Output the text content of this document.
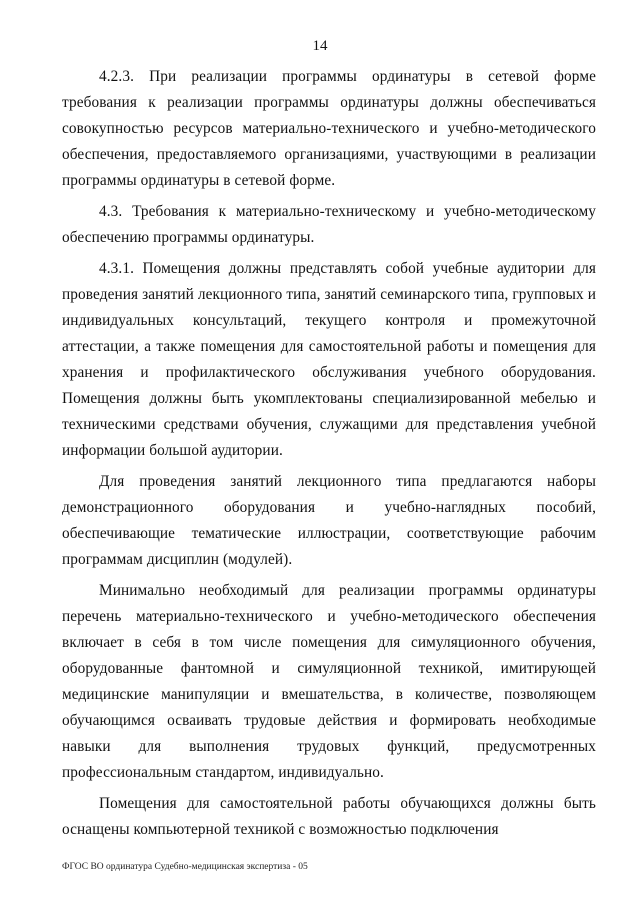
14

4.2.3. При реализации программы ординатуры в сетевой форме требования к реализации программы ординатуры должны обеспечиваться совокупностью ресурсов материально-технического и учебно-методического обеспечения, предоставляемого организациями, участвующими в реализации программы ординатуры в сетевой форме.

4.3. Требования к материально-техническому и учебно-методическому обеспечению программы ординатуры.

4.3.1. Помещения должны представлять собой учебные аудитории для проведения занятий лекционного типа, занятий семинарского типа, групповых и индивидуальных консультаций, текущего контроля и промежуточной аттестации, а также помещения для самостоятельной работы и помещения для хранения и профилактического обслуживания учебного оборудования. Помещения должны быть укомплектованы специализированной мебелью и техническими средствами обучения, служащими для представления учебной информации большой аудитории.

Для проведения занятий лекционного типа предлагаются наборы демонстрационного оборудования и учебно-наглядных пособий, обеспечивающие тематические иллюстрации, соответствующие рабочим программам дисциплин (модулей).

Минимально необходимый для реализации программы ординатуры перечень материально-технического и учебно-методического обеспечения включает в себя в том числе помещения для симуляционного обучения, оборудованные фантомной и симуляционной техникой, имитирующей медицинские манипуляции и вмешательства, в количестве, позволяющем обучающимся осваивать трудовые действия и формировать необходимые навыки для выполнения трудовых функций, предусмотренных профессиональным стандартом, индивидуально.

Помещения для самостоятельной работы обучающихся должны быть оснащены компьютерной техникой с возможностью подключения

ФГОС ВО ординатура Судебно-медицинская экспертиза - 05
